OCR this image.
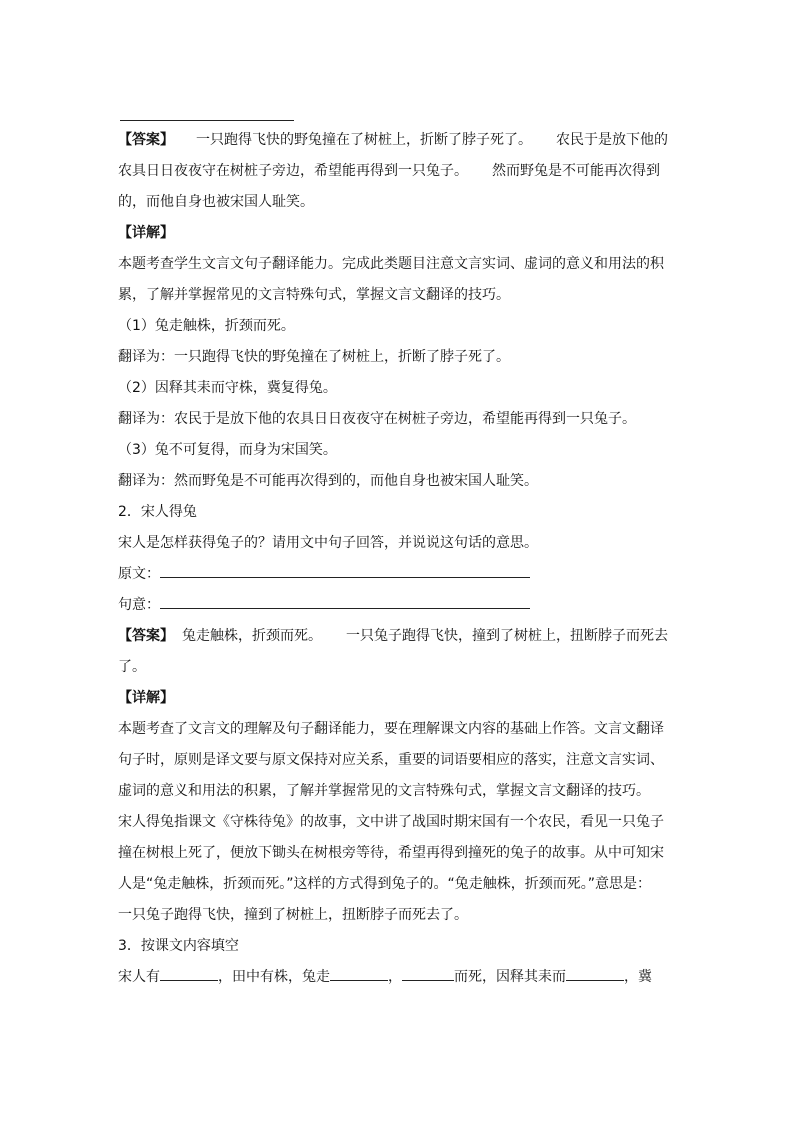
【答案】 一只跑得飞快的野兔撞在了树桩上，折断了脖子死了。 农民于是放下他的
农具日日夜夜守在树桩子旁边，希望能再得到一只兔子。 然而野兔是不可能再次得到
的，而他自身也被宋国人耻笑。
【详解】
本题考查学生文言文句子翻译能力。完成此类题目注意文言实词、虚词的意义和用法的积
累，了解并掌握常见的文言特殊句式，掌握文言文翻译的技巧。
（1）兔走触株，折颈而死。
翻译为：一只跑得飞快的野兔撞在了树桩上，折断了脖子死了。
（2）因释其耒而守株，冀复得兔。
翻译为：农民于是放下他的农具日日夜夜守在树桩子旁边，希望能再得到一只兔子。
（3）兔不可复得，而身为宋国笑。
翻译为：然而野兔是不可能再次得到的，而他自身也被宋国人耻笑。
2．宋人得兔
宋人是怎样获得兔子的？请用文中句子回答，并说说这句话的意思。
原文：
句意：
【答案】 兔走触株，折颈而死。 一只兔子跑得飞快，撞到了树桩上，扭断脖子而死去
了。
【详解】
本题考查了文言文的理解及句子翻译能力，要在理解课文内容的基础上作答。文言文翻译
句子时，原则是译文要与原文保持对应关系，重要的词语要相应的落实，注意文言实词、
虚词的意义和用法的积累，了解并掌握常见的文言特殊句式，掌握文言文翻译的技巧。
宋人得兔指课文《守株待兔》的故事，文中讲了战国时期宋国有一个农民，看见一只兔子
撞在树根上死了，便放下锄头在树根旁等待，希望再得到撞死的兔子的故事。从中可知宋
人是“兔走触株，折颈而死。”这样的方式得到兔子的。“兔走触株，折颈而死。”意思是：
一只兔子跑得飞快，撞到了树桩上，扭断脖子而死去了。
3．按课文内容填空
宋人有	，田中有株，兔走	，	而死，因释其耒而	，冀
